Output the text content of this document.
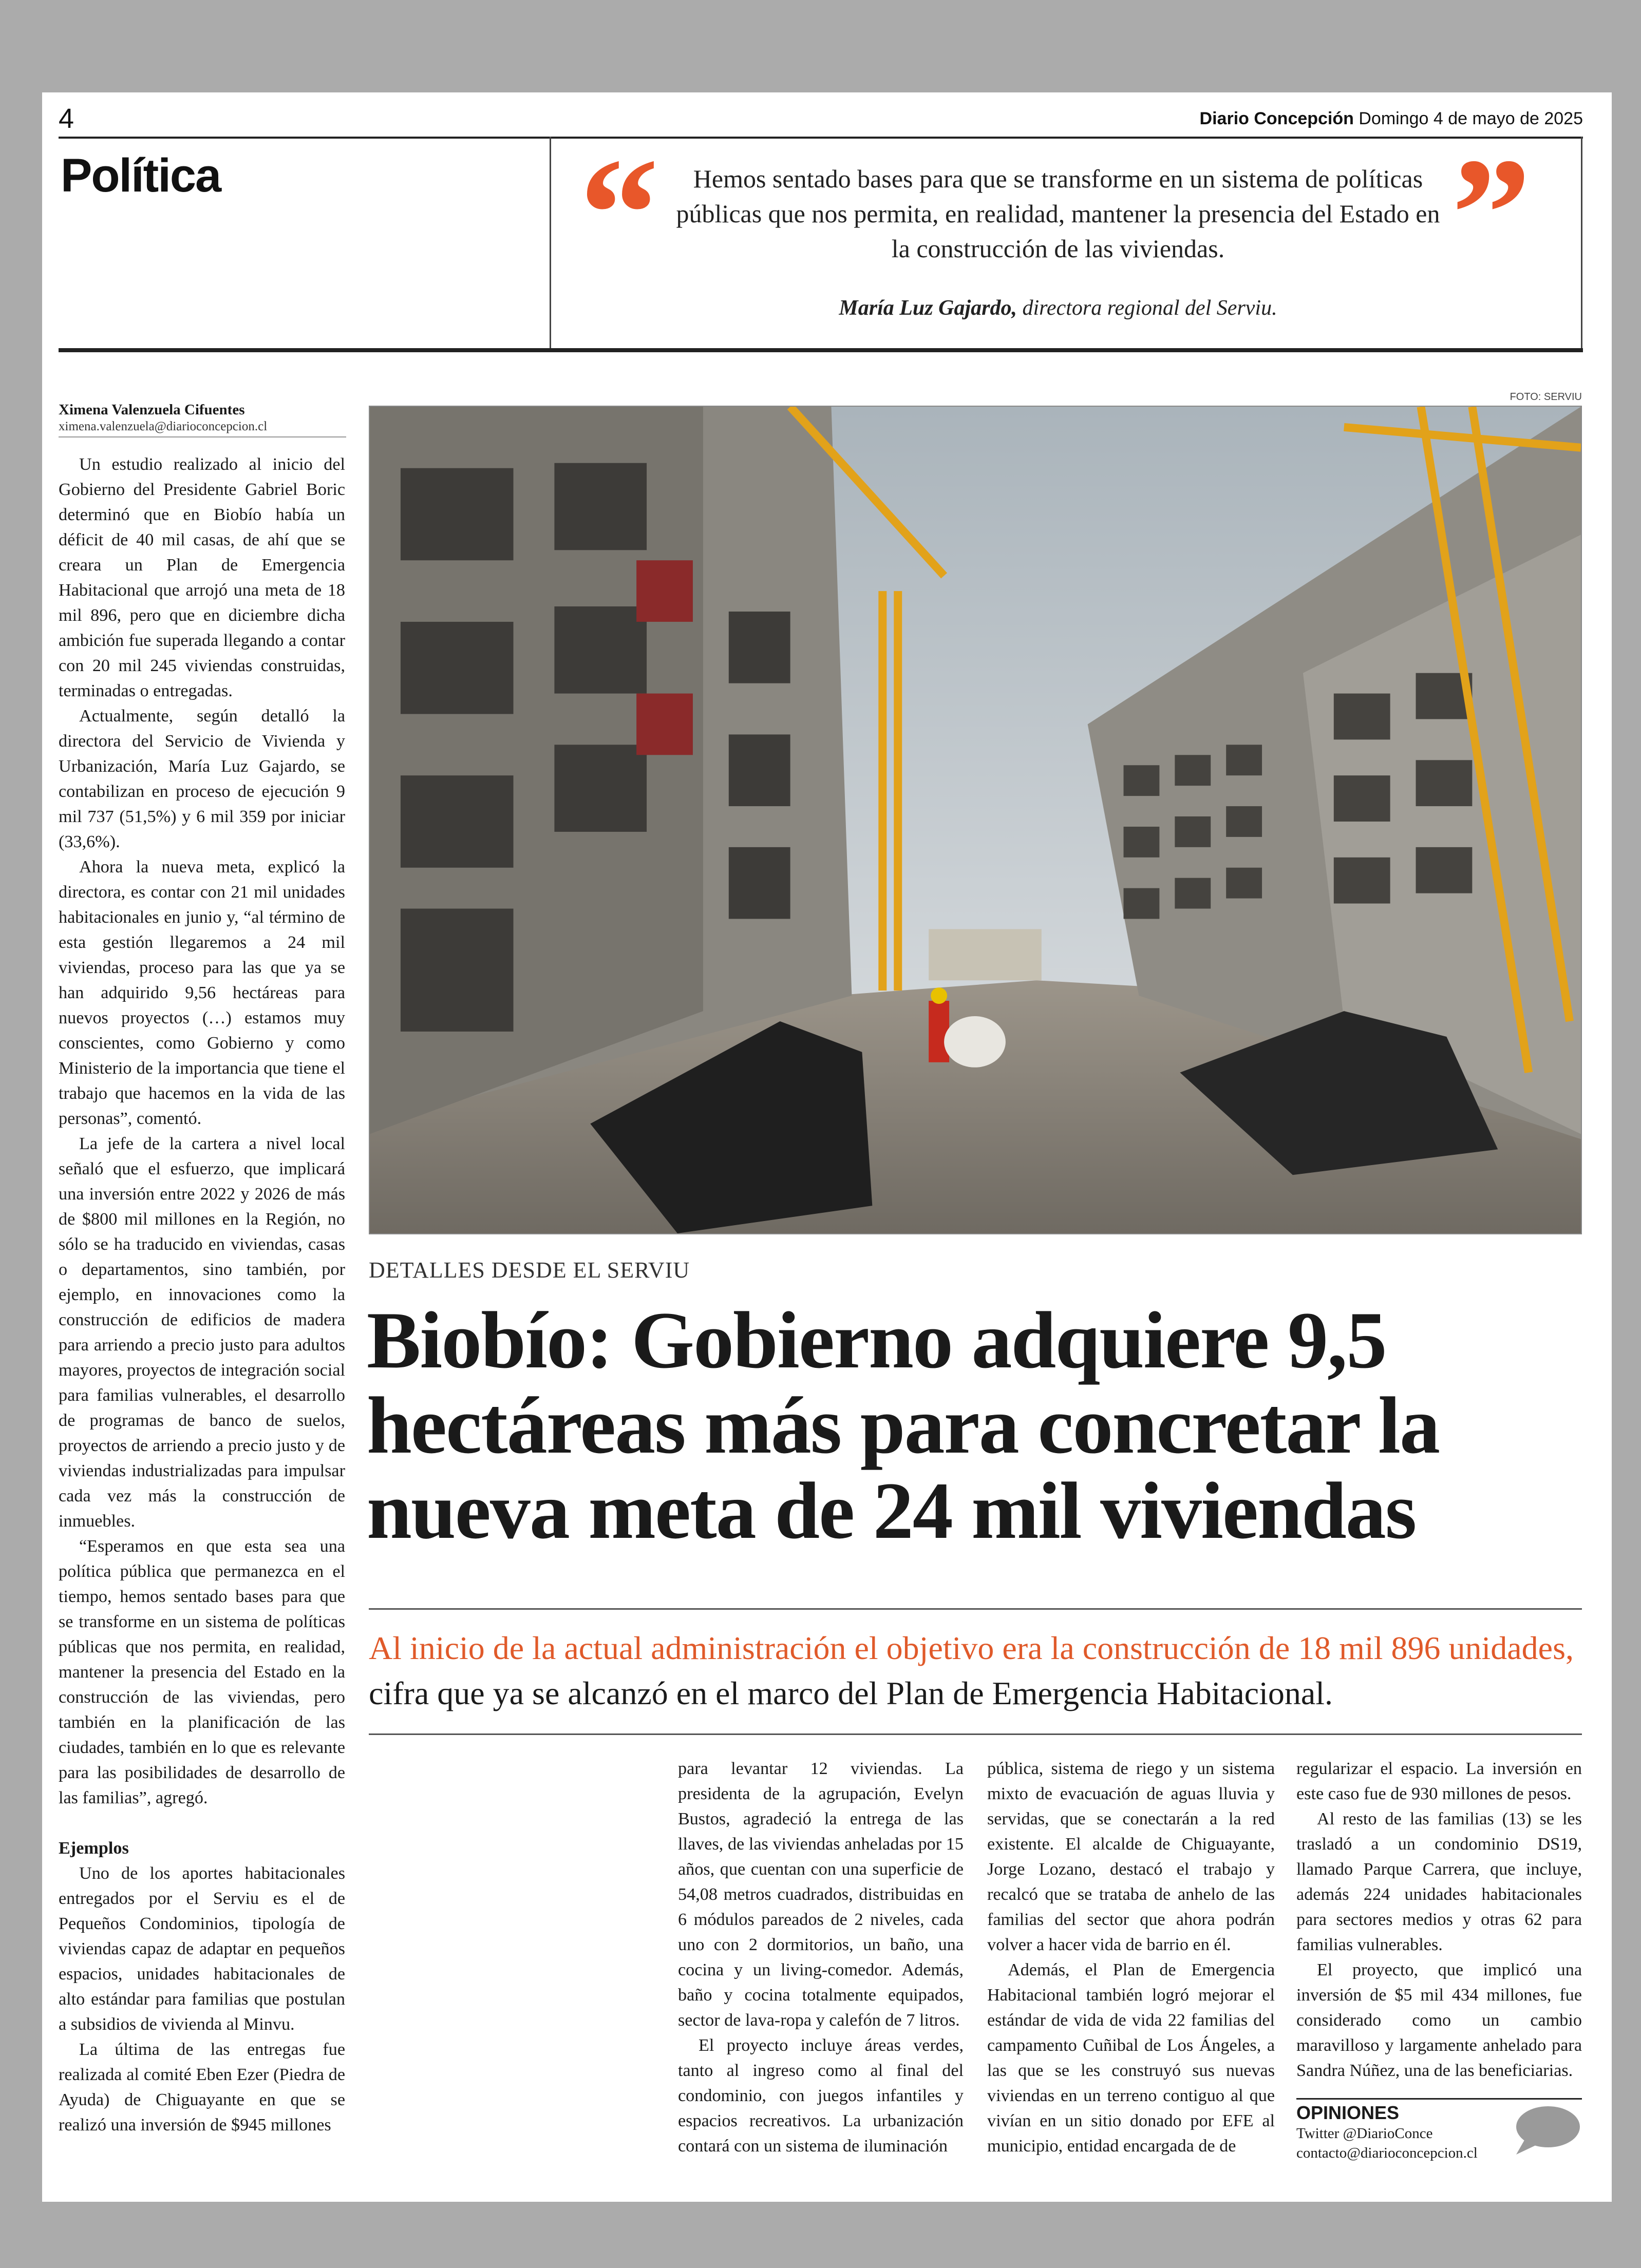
4	Diario Concepción Domingo 4 de mayo de 2025
Política “	”
Hemos sentado bases para que se transforme en un sistema de políticas públicas que nos permita, en realidad, mantener la presencia del Estado en la construcción de las viviendas.
María Luz Gajardo, directora regional del Serviu.
Ximena Valenzuela Cifuentes
ximena.valenzuela@diarioconcepcion.cl

Un estudio realizado al inicio del Gobierno del Presidente Gabriel Boric determinó que en Biobío había un déficit de 40 mil casas, de ahí que se creara un Plan de Emergencia Habitacional que arrojó una meta de 18 mil 896, pero que en diciembre dicha ambición fue superada llegando a contar con 20 mil 245 viviendas construidas, terminadas o entregadas.

Actualmente, según detalló la directora del Servicio de Vivienda y Urbanización, María Luz Gajardo, se contabilizan en proceso de ejecución 9 mil 737 (51,5%) y 6 mil 359 por iniciar (33,6%).

Ahora la nueva meta, explicó la directora, es contar con 21 mil unidades habitacionales en junio y, “al término de esta gestión llegaremos a 24 mil viviendas, proceso para las que ya se han adquirido 9,56 hectáreas para nuevos proyectos (…) estamos muy conscientes, como Gobierno y como Ministerio de la importancia que tiene el trabajo que hacemos en la vida de las personas”, comentó.

La jefe de la cartera a nivel local señaló que el esfuerzo, que implicará una inversión entre 2022 y 2026 de más de $800 mil millones en la Región, no sólo se ha traducido en viviendas, casas o departamentos, sino también, por ejemplo, en innovaciones como la construcción de edificios de madera para arriendo a precio justo para adultos mayores, proyectos de integración social para familias vulnerables, el desarrollo de programas de banco de suelos, proyectos de arriendo a precio justo y de viviendas industrializadas para impulsar cada vez más la construcción de inmuebles.

“Esperamos en que esta sea una política pública que permanezca en el tiempo, hemos sentado bases para que se transforme en un sistema de políticas públicas que nos permita, en realidad, mantener la presencia del Estado en la construcción de las viviendas, pero también en la planificación de las ciudades, también en lo que es relevante para las posibilidades de desarrollo de las familias”, agregó.

Ejemplos

Uno de los aportes habitacionales entregados por el Serviu es el de Pequeños Condominios, tipología de viviendas capaz de adaptar en pequeños espacios, unidades habitacionales de alto estándar para familias que postulan a subsidios de vivienda al Minvu.

La última de las entregas fue realizada al comité Eben Ezer (Piedra de Ayuda) de Chiguayante en que se realizó una inversión de $945 millones

FOTO: SERVIU
DETALLES DESDE EL SERVIU
Biobío: Gobierno adquiere 9,5 hectáreas más para concretar la nueva meta de 24 mil viviendas
Al inicio de la actual administración el objetivo era la construcción de 18 mil 896 unidades, cifra que ya se alcanzó en el marco del Plan de Emergencia Habitacional.

para levantar 12 viviendas. La presidenta de la agrupación, Evelyn Bustos, agradeció la entrega de las llaves, de las viviendas anheladas por 15 años, que cuentan con una superficie de 54,08 metros cuadrados, distribuidas en 6 módulos pareados de 2 niveles, cada uno con 2 dormitorios, un baño, una cocina y un living-comedor. Además, baño y cocina totalmente equipados, sector de lava-ropa y calefón de 7 litros.

El proyecto incluye áreas verdes, tanto al ingreso como al final del condominio, con juegos infantiles y espacios recreativos. La urbanización contará con un sistema de iluminación

pública, sistema de riego y un sistema mixto de evacuación de aguas lluvia y servidas, que se conectarán a la red existente. El alcalde de Chiguayante, Jorge Lozano, destacó el trabajo y recalcó que se trataba de anhelo de las familias del sector que ahora podrán volver a hacer vida de barrio en él.

Además, el Plan de Emergencia Habitacional también logró mejorar el estándar de vida de vida 22 familias del campamento Cuñibal de Los Ángeles, a las que se les construyó sus nuevas viviendas en un terreno contiguo al que vivían en un sitio donado por EFE al municipio, entidad encargada de de

regularizar el espacio. La inversión en este caso fue de 930 millones de pesos.

Al resto de las familias (13) se les trasladó a un condominio DS19, llamado Parque Carrera, que incluye, además 224 unidades habitacionales para sectores medios y otras 62 para familias vulnerables.

El proyecto, que implicó una inversión de $5 mil 434 millones, fue considerado como un cambio maravilloso y largamente anhelado para Sandra Núñez, una de las beneficiarias.

OPINIONES
Twitter @DiarioConce
contacto@diarioconcepcion.cl
